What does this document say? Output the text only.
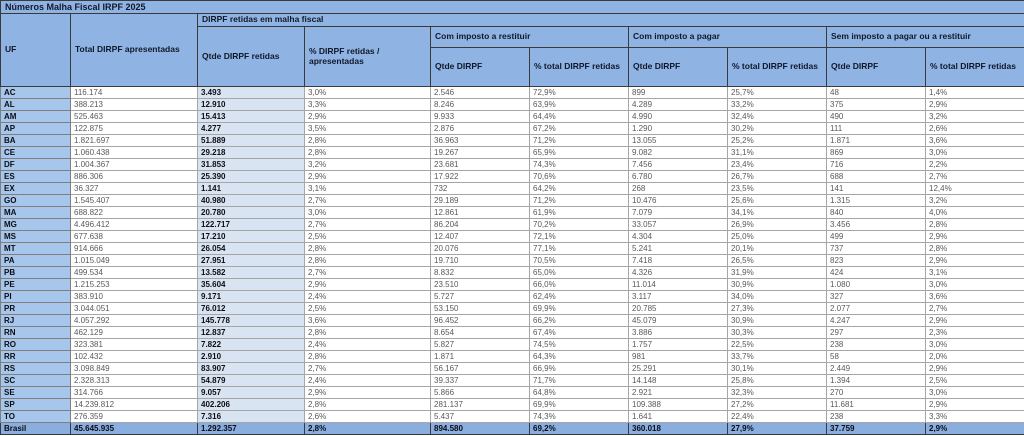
Números Malha Fiscal IRPF 2025									
UF	Total DIRPF apresentadas	DIRPF retidas em malha fiscal							
		Qtde DIRPF retidas	% DIRPF retidas / apresentadas	Com imposto a restituir		Com imposto a pagar		Sem imposto a pagar ou a restituir	
				Qtde DIRPF	% total DIRPF retidas	Qtde DIRPF	% total DIRPF retidas	Qtde DIRPF	% total DIRPF retidas
AC	116.174	3.493	3,0%	2.546	72,9%	899	25,7%	48	1,4%
AL	388.213	12.910	3,3%	8.246	63,9%	4.289	33,2%	375	2,9%
AM	525.463	15.413	2,9%	9.933	64,4%	4.990	32,4%	490	3,2%
AP	122.875	4.277	3,5%	2.876	67,2%	1.290	30,2%	111	2,6%
BA	1.821.697	51.889	2,8%	36.963	71,2%	13.055	25,2%	1.871	3,6%
CE	1.060.438	29.218	2,8%	19.267	65,9%	9.082	31,1%	869	3,0%
DF	1.004.367	31.853	3,2%	23.681	74,3%	7.456	23,4%	716	2,2%
ES	886.306	25.390	2,9%	17.922	70,6%	6.780	26,7%	688	2,7%
EX	36.327	1.141	3,1%	732	64,2%	268	23,5%	141	12,4%
GO	1.545.407	40.980	2,7%	29.189	71,2%	10.476	25,6%	1.315	3,2%
MA	688.822	20.780	3,0%	12.861	61,9%	7.079	34,1%	840	4,0%
MG	4.496.412	122.717	2,7%	86.204	70,2%	33.057	26,9%	3.456	2,8%
MS	677.638	17.210	2,5%	12.407	72,1%	4.304	25,0%	499	2,9%
MT	914.666	26.054	2,8%	20.076	77,1%	5.241	20,1%	737	2,8%
PA	1.015.049	27.951	2,8%	19.710	70,5%	7.418	26,5%	823	2,9%
PB	499.534	13.582	2,7%	8.832	65,0%	4.326	31,9%	424	3,1%
PE	1.215.253	35.604	2,9%	23.510	66,0%	11.014	30,9%	1.080	3,0%
PI	383.910	9.171	2,4%	5.727	62,4%	3.117	34,0%	327	3,6%
PR	3.044.051	76.012	2,5%	53.150	69,9%	20.785	27,3%	2.077	2,7%
RJ	4.057.292	145.778	3,6%	96.452	66,2%	45.079	30,9%	4.247	2,9%
RN	462.129	12.837	2,8%	8.654	67,4%	3.886	30,3%	297	2,3%
RO	323.381	7.822	2,4%	5.827	74,5%	1.757	22,5%	238	3,0%
RR	102.432	2.910	2,8%	1.871	64,3%	981	33,7%	58	2,0%
RS	3.098.849	83.907	2,7%	56.167	66,9%	25.291	30,1%	2.449	2,9%
SC	2.328.313	54.879	2,4%	39.337	71,7%	14.148	25,8%	1.394	2,5%
SE	314.766	9.057	2,9%	5.866	64,8%	2.921	32,3%	270	3,0%
SP	14.239.812	402.206	2,8%	281.137	69,9%	109.388	27,2%	11.681	2,9%
TO	276.359	7.316	2,6%	5.437	74,3%	1.641	22,4%	238	3,3%
Brasil	45.645.935	1.292.357	2,8%	894.580	69,2%	360.018	27,9%	37.759	2,9%
